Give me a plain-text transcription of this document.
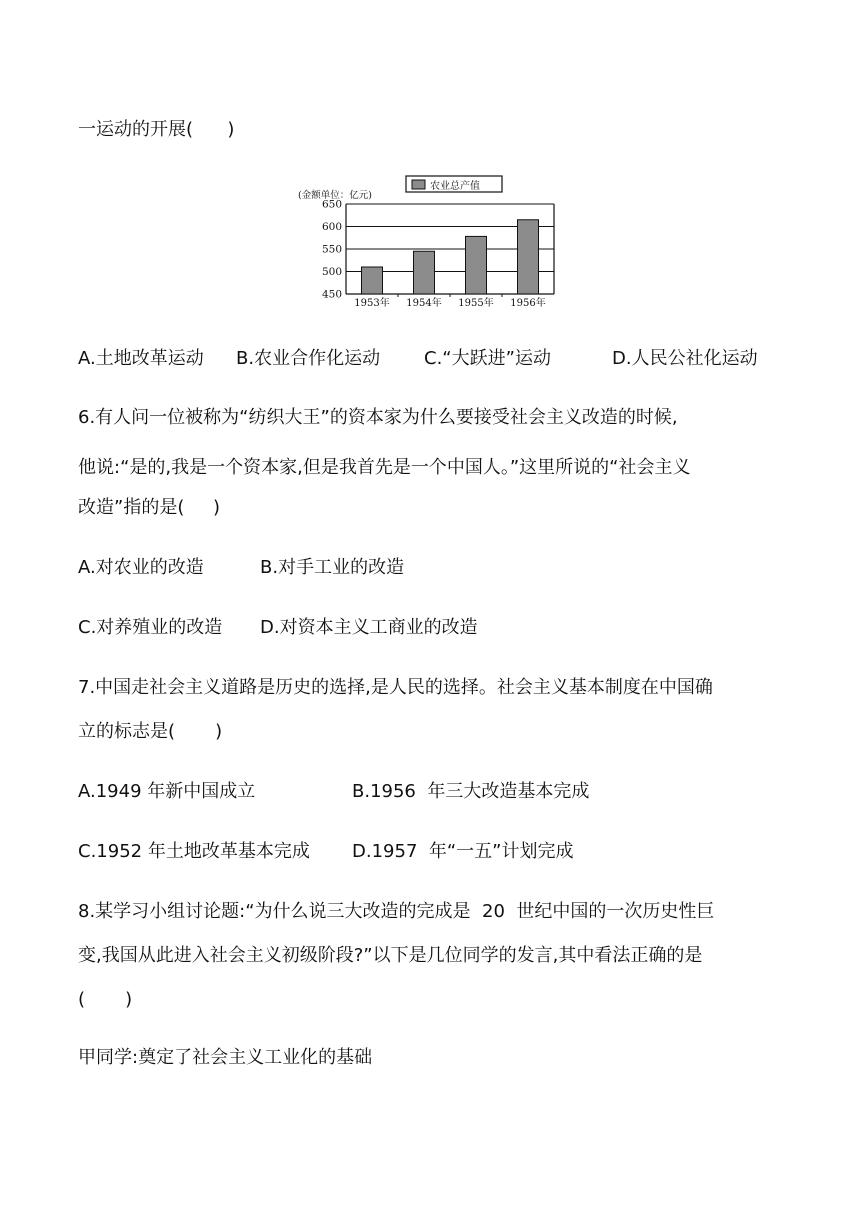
一运动的开展(      )
农业总产值
(金额单位：亿元)
450
500
550
600
650
1953年 1954年 1955年 1956年
A.土地改革运动 B.农业合作化运动 C.“大跃进”运动	D.人民公社化运动
6.有人问一位被称为“纺织大王”的资本家为什么要接受社会主义改造的时候,
他说:“是的,我是一个资本家,但是我首先是一个中国人。”这里所说的“社会主义
改造”指的是(     )
A.对农业的改造	B.对手工业的改造
C.对养殖业的改造 D.对资本主义工商业的改造
7.中国走社会主义道路是历史的选择,是人民的选择。社会主义基本制度在中国确
立的标志是(       )
A.1949 年新中国成立	B.1956  年三大改造基本完成
C.1952 年土地改革基本完成 D.1957  年“一五”计划完成
8.某学习小组讨论题:“为什么说三大改造的完成是  20  世纪中国的一次历史性巨
变,我国从此进入社会主义初级阶段?”以下是几位同学的发言,其中看法正确的是
(       )
甲同学:奠定了社会主义工业化的基础
